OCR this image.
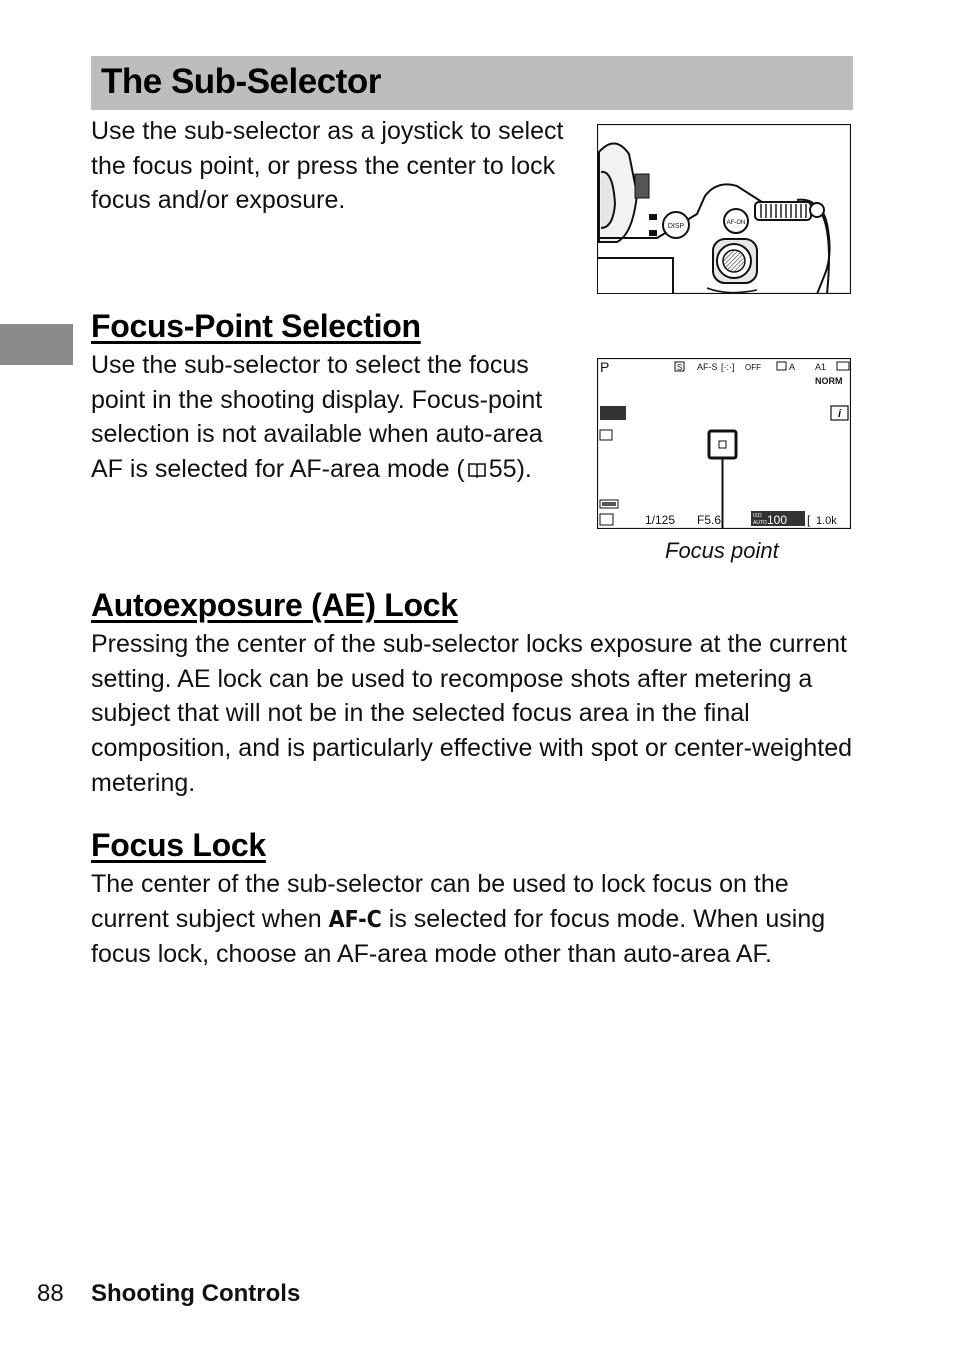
The Sub-Selector

Use the sub-selector as a joystick to select the focus point, or press the center to lock focus and/or exposure.

DISP	AF-ON
Focus-Point Selection

Use the sub-selector to select the focus point in the shooting display. Focus-point selection is not available when auto-area AF is selected for AF-area mode ( 55).

P	S AF-S [·:·] OFF	A A1
NORM
i
1/125 F5.6	ISO
AUTO 100 [ 1.0k
Focus point
Autoexposure (AE) Lock

Pressing the center of the sub-selector locks exposure at the current setting. AE lock can be used to recompose shots after metering a subject that will not be in the selected focus area in the final composition, and is particularly effective with spot or center-weighted metering.

Focus Lock

The center of the sub-selector can be used to lock focus on the current subject when AF-C is selected for focus mode. When using focus lock, choose an AF-area mode other than auto-area AF.

88 Shooting Controls
